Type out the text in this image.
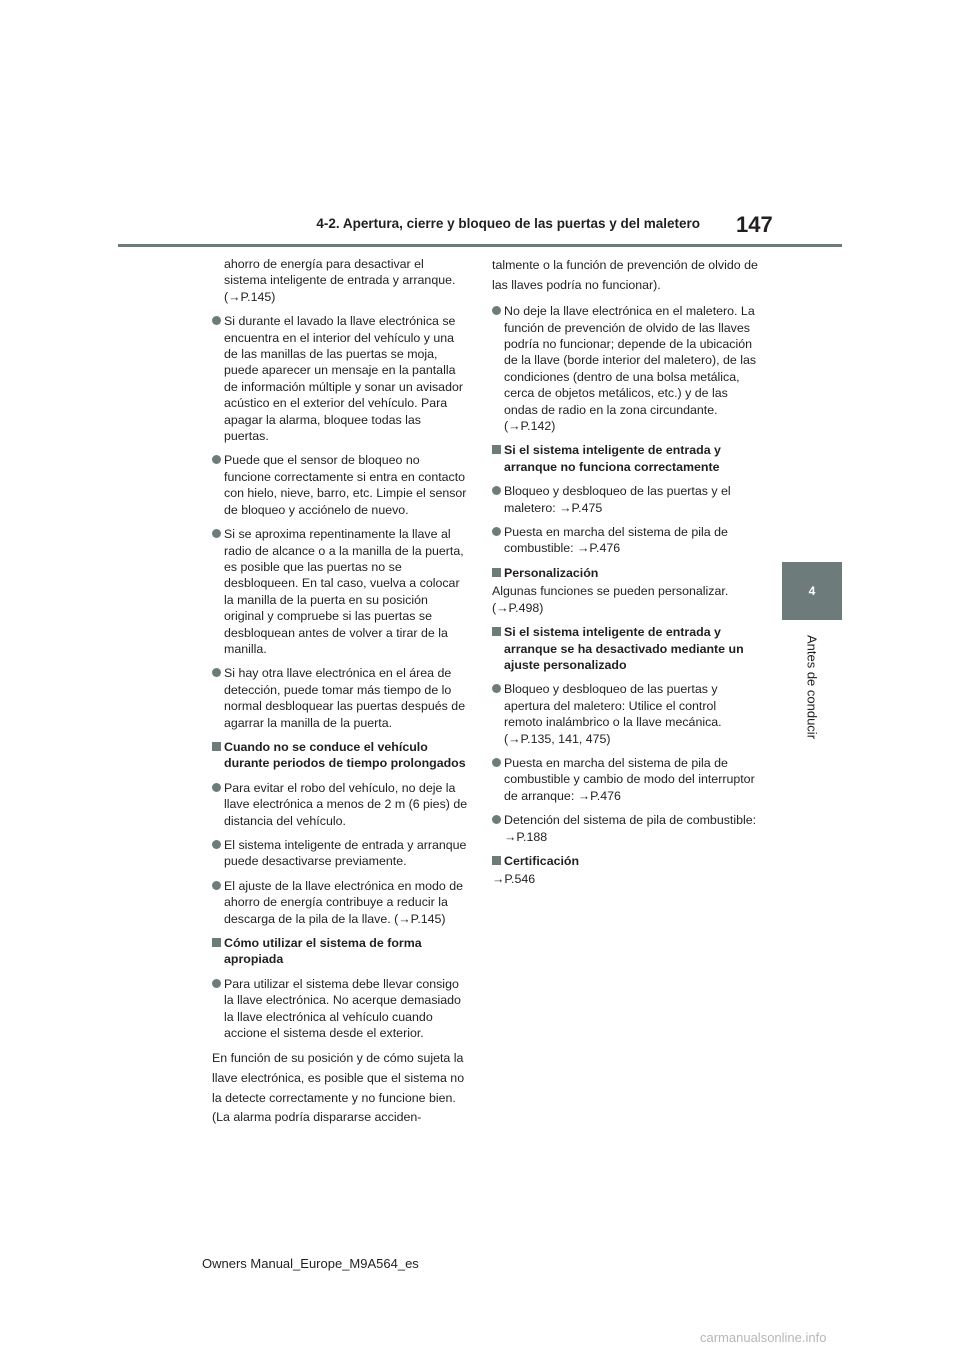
4-2. Apertura, cierre y bloqueo de las puertas y del maletero 147
4
Antes de conducir

ahorro de energía para desactivar el sistema inteligente de entrada y arranque. (→P.145)

Si durante el lavado la llave electrónica se encuentra en el interior del vehículo y una de las manillas de las puertas se moja, puede aparecer un mensaje en la pantalla de información múltiple y sonar un avisador acústico en el exterior del vehículo. Para apagar la alarma, bloquee todas las puertas.
Puede que el sensor de bloqueo no funcione correctamente si entra en contacto con hielo, nieve, barro, etc. Limpie el sensor de bloqueo y acciónelo de nuevo.
Si se aproxima repentinamente la llave al radio de alcance o a la manilla de la puerta, es posible que las puertas no se desbloqueen. En tal caso, vuelva a colocar la manilla de la puerta en su posición original y compruebe si las puertas se desbloquean antes de volver a tirar de la manilla.
Si hay otra llave electrónica en el área de detección, puede tomar más tiempo de lo normal desbloquear las puertas después de agarrar la manilla de la puerta.
Cuando no se conduce el vehículo durante periodos de tiempo prolongados
Para evitar el robo del vehículo, no deje la llave electrónica a menos de 2 m (6 pies) de distancia del vehículo.
El sistema inteligente de entrada y arranque puede desactivarse previamente.
El ajuste de la llave electrónica en modo de ahorro de energía contribuye a reducir la descarga de la pila de la llave. (→P.145)
Cómo utilizar el sistema de forma apropiada
Para utilizar el sistema debe llevar consigo la llave electrónica. No acerque demasiado la llave electrónica al vehículo cuando accione el sistema desde el exterior.

En función de su posición y de cómo sujeta la llave electrónica, es posible que el sistema no la detecte correctamente y no funcione bien. (La alarma podría dispararse acciden-

talmente o la función de prevención de olvido de las llaves podría no funcionar).

No deje la llave electrónica en el maletero. La función de prevención de olvido de las llaves podría no funcionar; depende de la ubicación de la llave (borde interior del maletero), de las condiciones (dentro de una bolsa metálica, cerca de objetos metálicos, etc.) y de las ondas de radio en la zona circundante. (→P.142)
Si el sistema inteligente de entrada y arranque no funciona correctamente
Bloqueo y desbloqueo de las puertas y el maletero: →P.475
Puesta en marcha del sistema de pila de combustible: →P.476
Personalización

Algunas funciones se pueden personalizar. (→P.498)

Si el sistema inteligente de entrada y arranque se ha desactivado mediante un ajuste personalizado
Bloqueo y desbloqueo de las puertas y apertura del maletero: Utilice el control remoto inalámbrico o la llave mecánica. (→P.135, 141, 475)
Puesta en marcha del sistema de pila de combustible y cambio de modo del interruptor de arranque: →P.476
Detención del sistema de pila de combustible: →P.188
Certificación

→P.546

Owners Manual_Europe_M9A564_es
carmanualsonline.info
